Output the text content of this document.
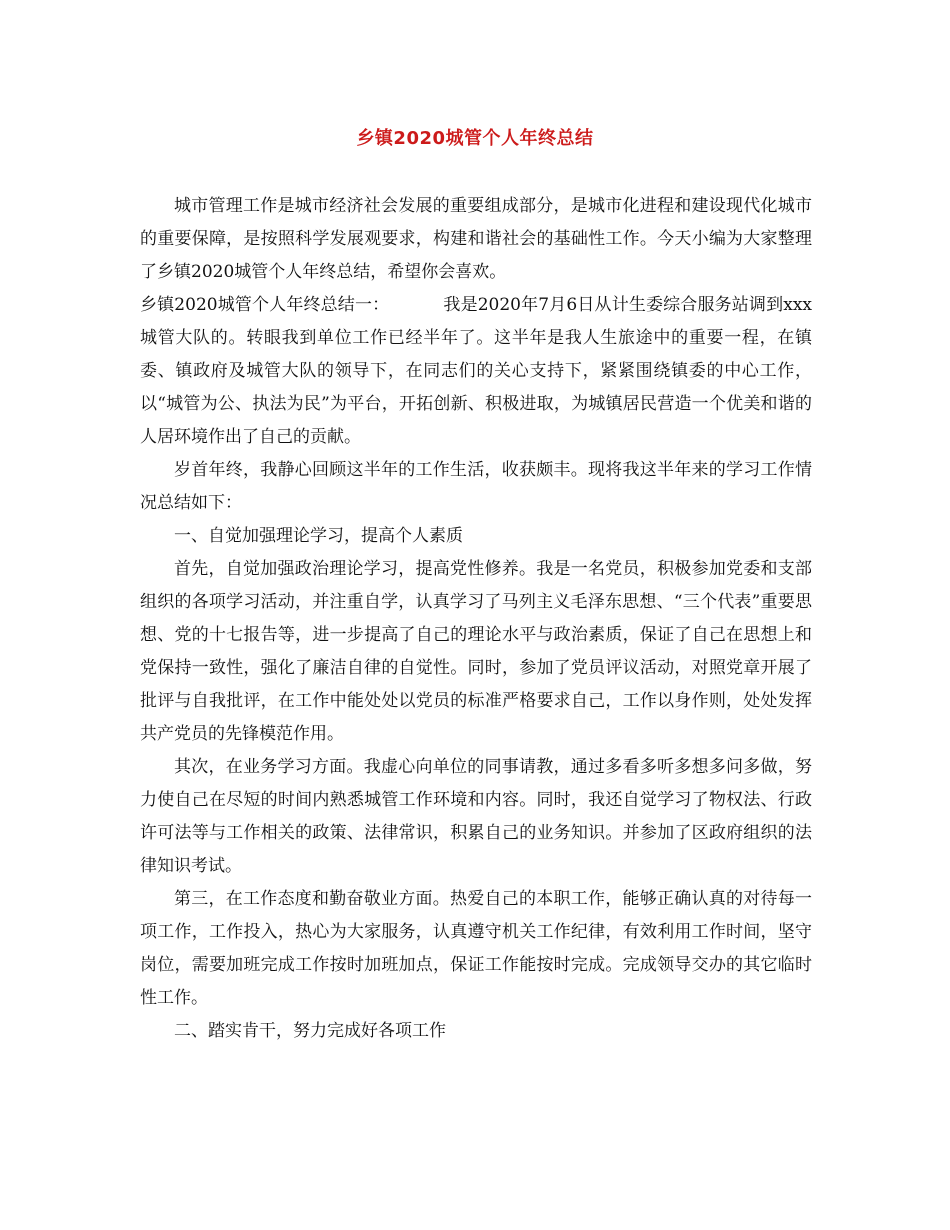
乡镇2020城管个人年终总结

城市管理工作是城市经济社会发展的重要组成部分，是城市化进程和建设现代化城市的重要保障，是按照科学发展观要求，构建和谐社会的基础性工作。今天小编为大家整理了乡镇2020城管个人年终总结，希望你会喜欢。

乡镇2020城管个人年终总结一：	我是2020年7月6日从计生委综合服务站调到xxx城管大队的。转眼我到单位工作已经半年了。这半年是我人生旅途中的重要一程，在镇委、镇政府及城管大队的领导下，在同志们的关心支持下，紧紧围绕镇委的中心工作，以“城管为公、执法为民”为平台，开拓创新、积极进取，为城镇居民营造一个优美和谐的人居环境作出了自己的贡献。

岁首年终，我静心回顾这半年的工作生活，收获颇丰。现将我这半年来的学习工作情况总结如下：

一、自觉加强理论学习，提高个人素质

首先，自觉加强政治理论学习，提高党性修养。我是一名党员，积极参加党委和支部组织的各项学习活动，并注重自学，认真学习了马列主义毛泽东思想、“三个代表”重要思想、党的十七报告等，进一步提高了自己的理论水平与政治素质，保证了自己在思想上和党保持一致性，强化了廉洁自律的自觉性。同时，参加了党员评议活动，对照党章开展了批评与自我批评，在工作中能处处以党员的标准严格要求自己，工作以身作则，处处发挥共产党员的先锋模范作用。

其次，在业务学习方面。我虚心向单位的同事请教，通过多看多听多想多问多做，努力使自己在尽短的时间内熟悉城管工作环境和内容。同时，我还自觉学习了物权法、行政许可法等与工作相关的政策、法律常识，积累自己的业务知识。并参加了区政府组织的法律知识考试。

第三，在工作态度和勤奋敬业方面。热爱自己的本职工作，能够正确认真的对待每一项工作，工作投入，热心为大家服务，认真遵守机关工作纪律，有效利用工作时间，坚守岗位，需要加班完成工作按时加班加点，保证工作能按时完成。完成领导交办的其它临时性工作。

二、踏实肯干，努力完成好各项工作
